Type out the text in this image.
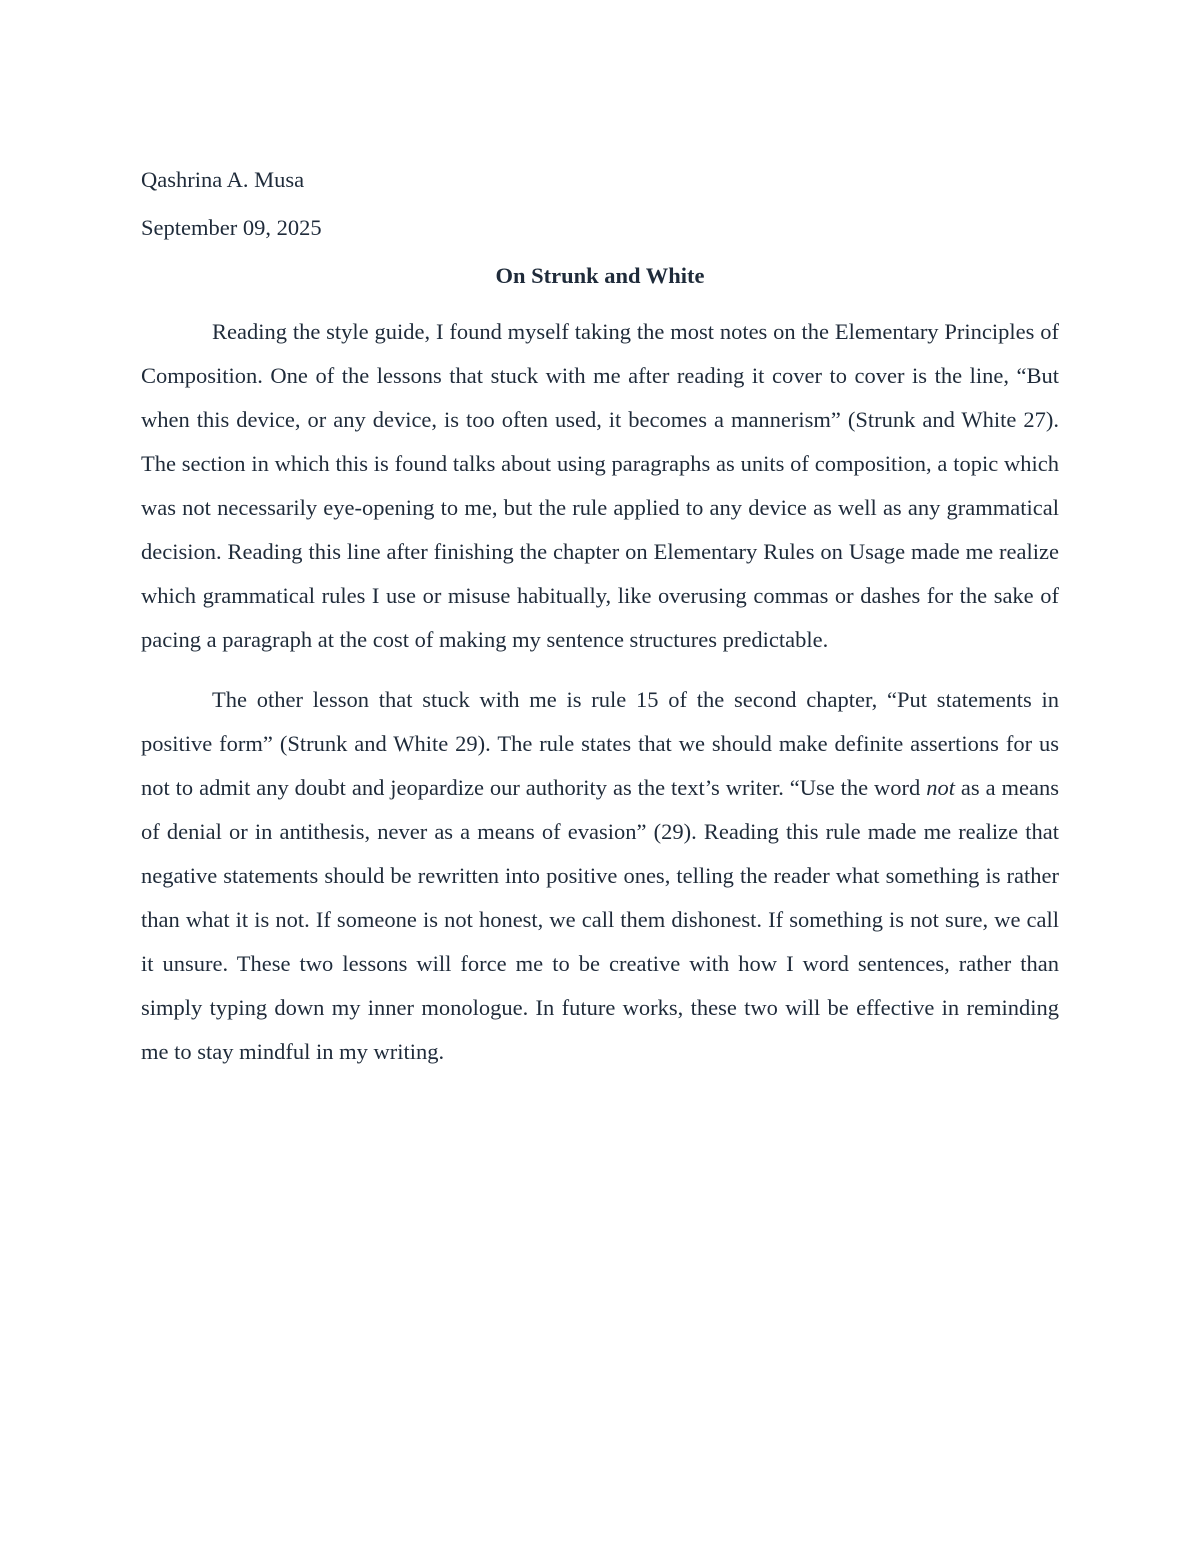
Qashrina A. Musa

September 09, 2025

On Strunk and White

Reading the style guide, I found myself taking the most notes on the Elementary Principles of Composition. One of the lessons that stuck with me after reading it cover to cover is the line, “But when this device, or any device, is too often used, it becomes a mannerism” (Strunk and White 27). The section in which this is found talks about using paragraphs as units of composition, a topic which was not necessarily eye-opening to me, but the rule applied to any device as well as any grammatical decision. Reading this line after finishing the chapter on Elementary Rules on Usage made me realize which grammatical rules I use or misuse habitually, like overusing commas or dashes for the sake of pacing a paragraph at the cost of making my sentence structures predictable.

The other lesson that stuck with me is rule 15 of the second chapter, “Put statements in positive form” (Strunk and White 29). The rule states that we should make definite assertions for us not to admit any doubt and jeopardize our authority as the text’s writer. “Use the word not as a means of denial or in antithesis, never as a means of evasion” (29). Reading this rule made me realize that negative statements should be rewritten into positive ones, telling the reader what something is rather than what it is not. If someone is not honest, we call them dishonest. If something is not sure, we call it unsure. These two lessons will force me to be creative with how I word sentences, rather than simply typing down my inner monologue. In future works, these two will be effective in reminding me to stay mindful in my writing.
